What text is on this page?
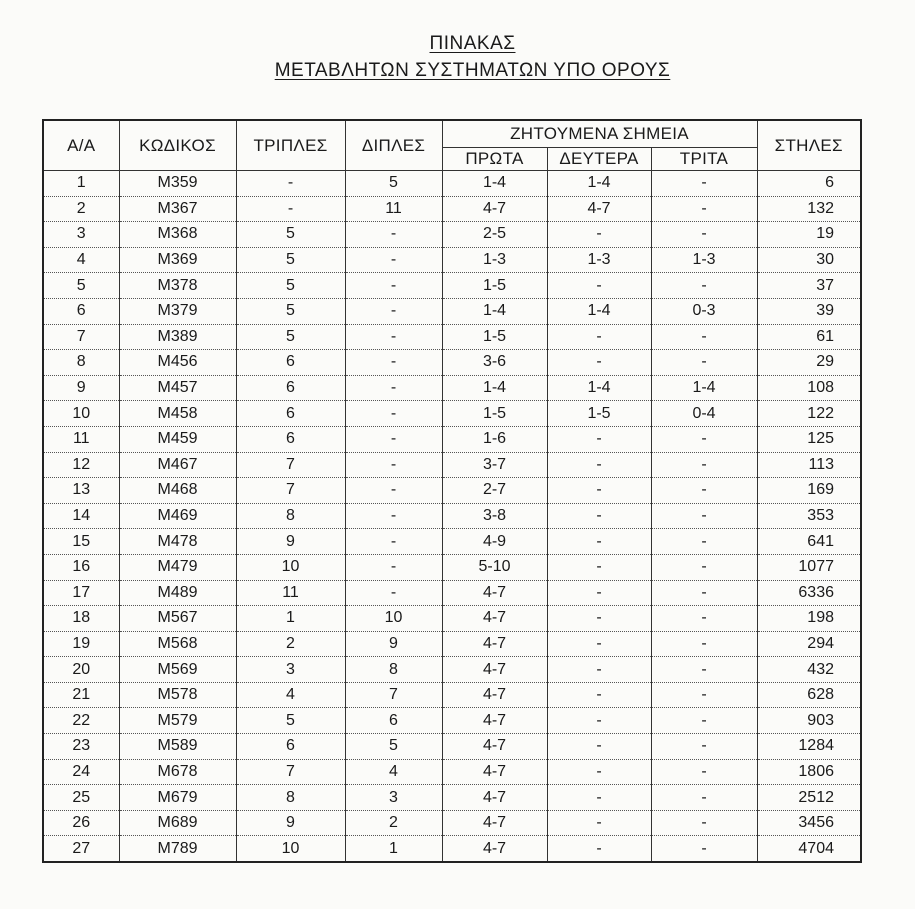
ΠΙΝΑΚΑΣ
ΜΕΤΑΒΛΗΤΩΝ ΣΥΣΤΗΜΑΤΩΝ ΥΠΟ ΟΡΟΥΣ
Α/Α	ΚΩΔΙΚΟΣ	ΤΡΙΠΛΕΣ	ΔΙΠΛΕΣ	ΖΗΤΟΥΜΕΝΑ ΣΗΜΕΙΑ			ΣΤΗΛΕΣ
				ΠΡΩΤΑ	ΔΕΥΤΕΡΑ	ΤΡΙΤΑ	
1	M359	-	5	1-4	1-4	-	6
2	M367	-	11	4-7	4-7	-	132
3	M368	5	-	2-5	-	-	19
4	M369	5	-	1-3	1-3	1-3	30
5	M378	5	-	1-5	-	-	37
6	M379	5	-	1-4	1-4	0-3	39
7	M389	5	-	1-5	-	-	61
8	M456	6	-	3-6	-	-	29
9	M457	6	-	1-4	1-4	1-4	108
10	M458	6	-	1-5	1-5	0-4	122
11	M459	6	-	1-6	-	-	125
12	M467	7	-	3-7	-	-	113
13	M468	7	-	2-7	-	-	169
14	M469	8	-	3-8	-	-	353
15	M478	9	-	4-9	-	-	641
16	M479	10	-	5-10	-	-	1077
17	M489	11	-	4-7	-	-	6336
18	M567	1	10	4-7	-	-	198
19	M568	2	9	4-7	-	-	294
20	M569	3	8	4-7	-	-	432
21	M578	4	7	4-7	-	-	628
22	M579	5	6	4-7	-	-	903
23	M589	6	5	4-7	-	-	1284
24	M678	7	4	4-7	-	-	1806
25	M679	8	3	4-7	-	-	2512
26	M689	9	2	4-7	-	-	3456
27	M789	10	1	4-7	-	-	4704
